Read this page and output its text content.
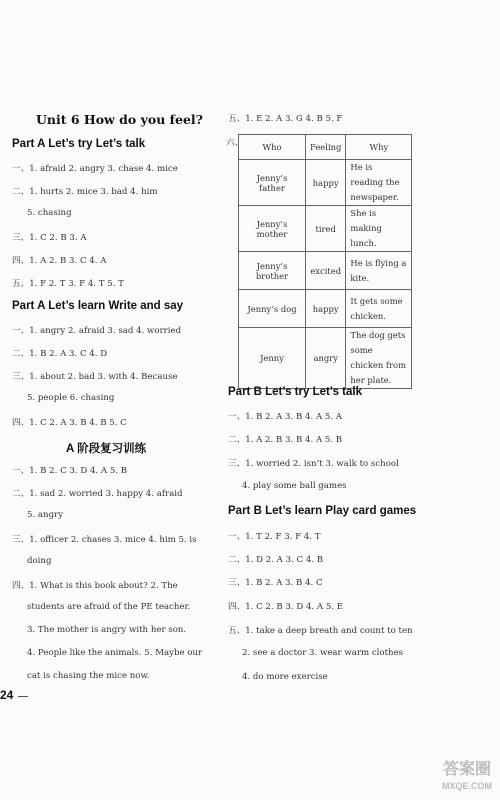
Unit 6 How do you feel?
Part A Let’s try Let’s talk
一、1. afraid 2. angry 3. chase 4. mice
二、1. hurts 2. mice 3. bad 4. him
5. chasing
三、1. C 2. B 3. A
四、1. A 2. B 3. C 4. A
五、1. F 2. T 3. F 4. T 5. T
Part A Let’s learn Write and say
一、1. angry 2. afraid 3. sad 4. worried
二、1. B 2. A 3. C 4. D
三、1. about 2. bad 3. with 4. Because
5. people 6. chasing
四、1. C 2. A 3. B 4. B 5. C
A 阶段复习训练
一、1. B 2. C 3. D 4. A 5. B
二、1. sad 2. worried 3. happy 4. afraid
5. angry
三、1. officer 2. chases 3. mice 4. him 5. is
doing
四、1. What is this book about? 2. The
students are afraid of the PE teacher.
3. The mother is angry with her son.
4. People like the animals. 5. Maybe our
cat is chasing the mice now.
24
五、1. E 2. A 3. G 4. B 5. F
六、 Who	Feeling	Why
Jenny’s father	happy	He is reading the newspaper.
Jenny’s mother	tired	She is making lunch.
Jenny’s brother	excited	He is flying a kite.
Jenny’s dog	happy	It gets some chicken.
Jenny	angry	The dog gets some chicken from her plate.
Part B Let’s try Let’s talk
一、1. B 2. A 3. B 4. A 5. A
二、1. A 2. B 3. B 4. A 5. B
三、1. worried 2. isn’t 3. walk to school
4. play some ball games
Part B Let’s learn Play card games
一、1. T 2. F 3. F 4. T
二、1. D 2. A 3. C 4. B
三、1. B 2. A 3. B 4. C
四、1. C 2. B 3. D 4. A 5. E
五、1. take a deep breath and count to ten
2. see a doctor 3. wear warm clothes
4. do more exercise
答案圈
MXQE.COM
